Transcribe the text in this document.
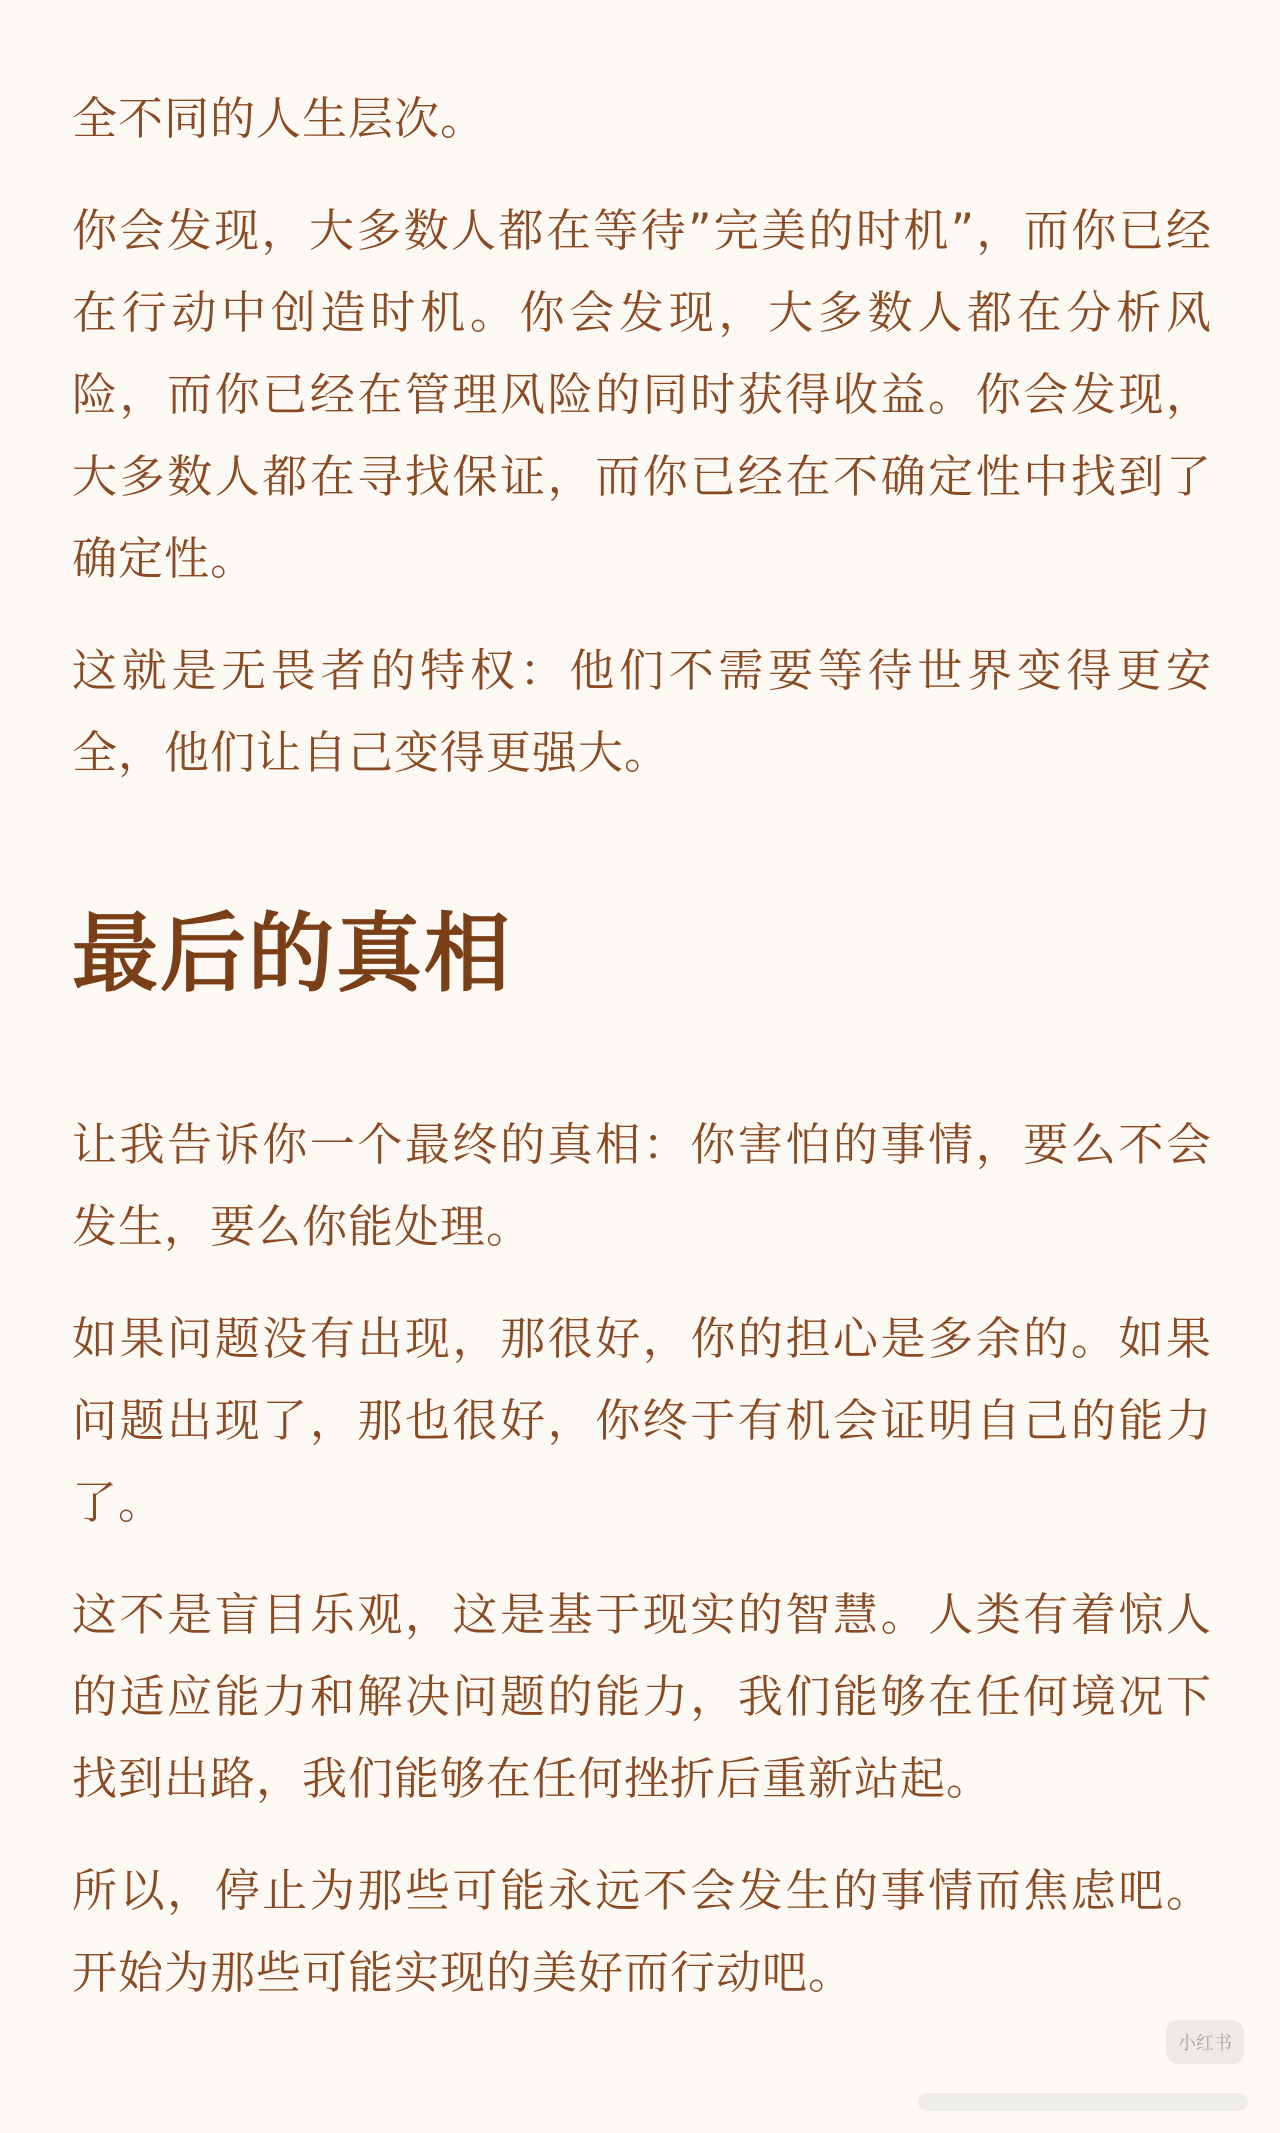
全不同的人生层次。

你会发现，大多数人都在等待”完美的时机”，而你已经在行动中创造时机。你会发现，大多数人都在分析风险，而你已经在管理风险的同时获得收益。你会发现，大多数人都在寻找保证，而你已经在不确定性中找到了确定性。

这就是无畏者的特权：他们不需要等待世界变得更安全，他们让自己变得更强大。

最后的真相

让我告诉你一个最终的真相：你害怕的事情，要么不会发生，要么你能处理。

如果问题没有出现，那很好，你的担心是多余的。如果问题出现了，那也很好，你终于有机会证明自己的能力了。

这不是盲目乐观，这是基于现实的智慧。人类有着惊人的适应能力和解决问题的能力，我们能够在任何境况下找到出路，我们能够在任何挫折后重新站起。

所以，停止为那些可能永远不会发生的事情而焦虑吧。开始为那些可能实现的美好而行动吧。

小红书
